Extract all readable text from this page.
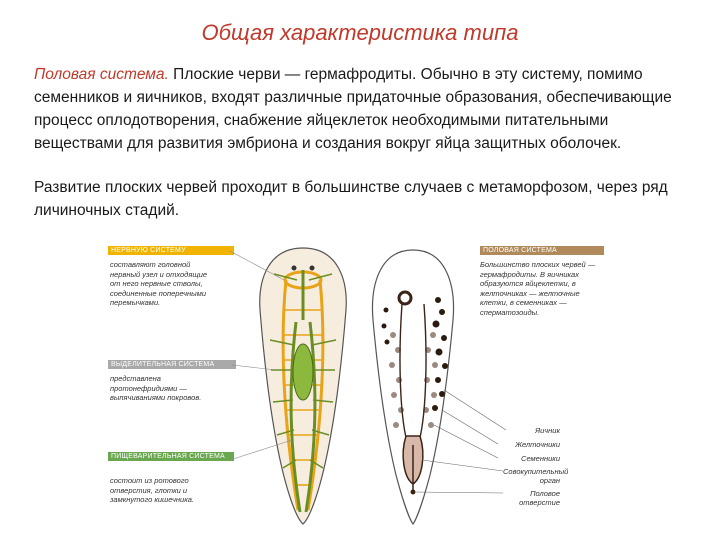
Общая характеристика типа
Половая система. Плоские черви — гермафродиты. Обычно в эту систему, помимо семенников и яичников, входят различные придаточные образования, обеспечивающие процесс оплодотворения, снабжение яйцеклеток необходимыми питательными веществами для развития эмбриона и создания вокруг яйца защитных оболочек.
Развитие плоских червей проходит в большинстве случаев с метаморфозом, через ряд личиночных стадий.
НЕРВНУЮ СИСТЕМУ
составляют головной нервный узел и отходящие от него нервные стволы, соединенные поперечными перемычками.
ВЫДЕЛИТЕЛЬНАЯ СИСТЕМА
представлена протонефридиями — выпячиваниями покровов.
ПИЩЕВАРИТЕЛЬНАЯ СИСТЕМА
состоит из ротового отверстия, глотки и замкнутого кишечника.
ПОЛОВАЯ СИСТЕМА
Большинство плоских червей — гермафродиты. В яичниках образуются яйцеклетки, в желточниках — желточные клетки, в семенниках — сперматозоиды.
Яичник
Желточники
Семенники
Совокупительный орган
Половое отверстие
